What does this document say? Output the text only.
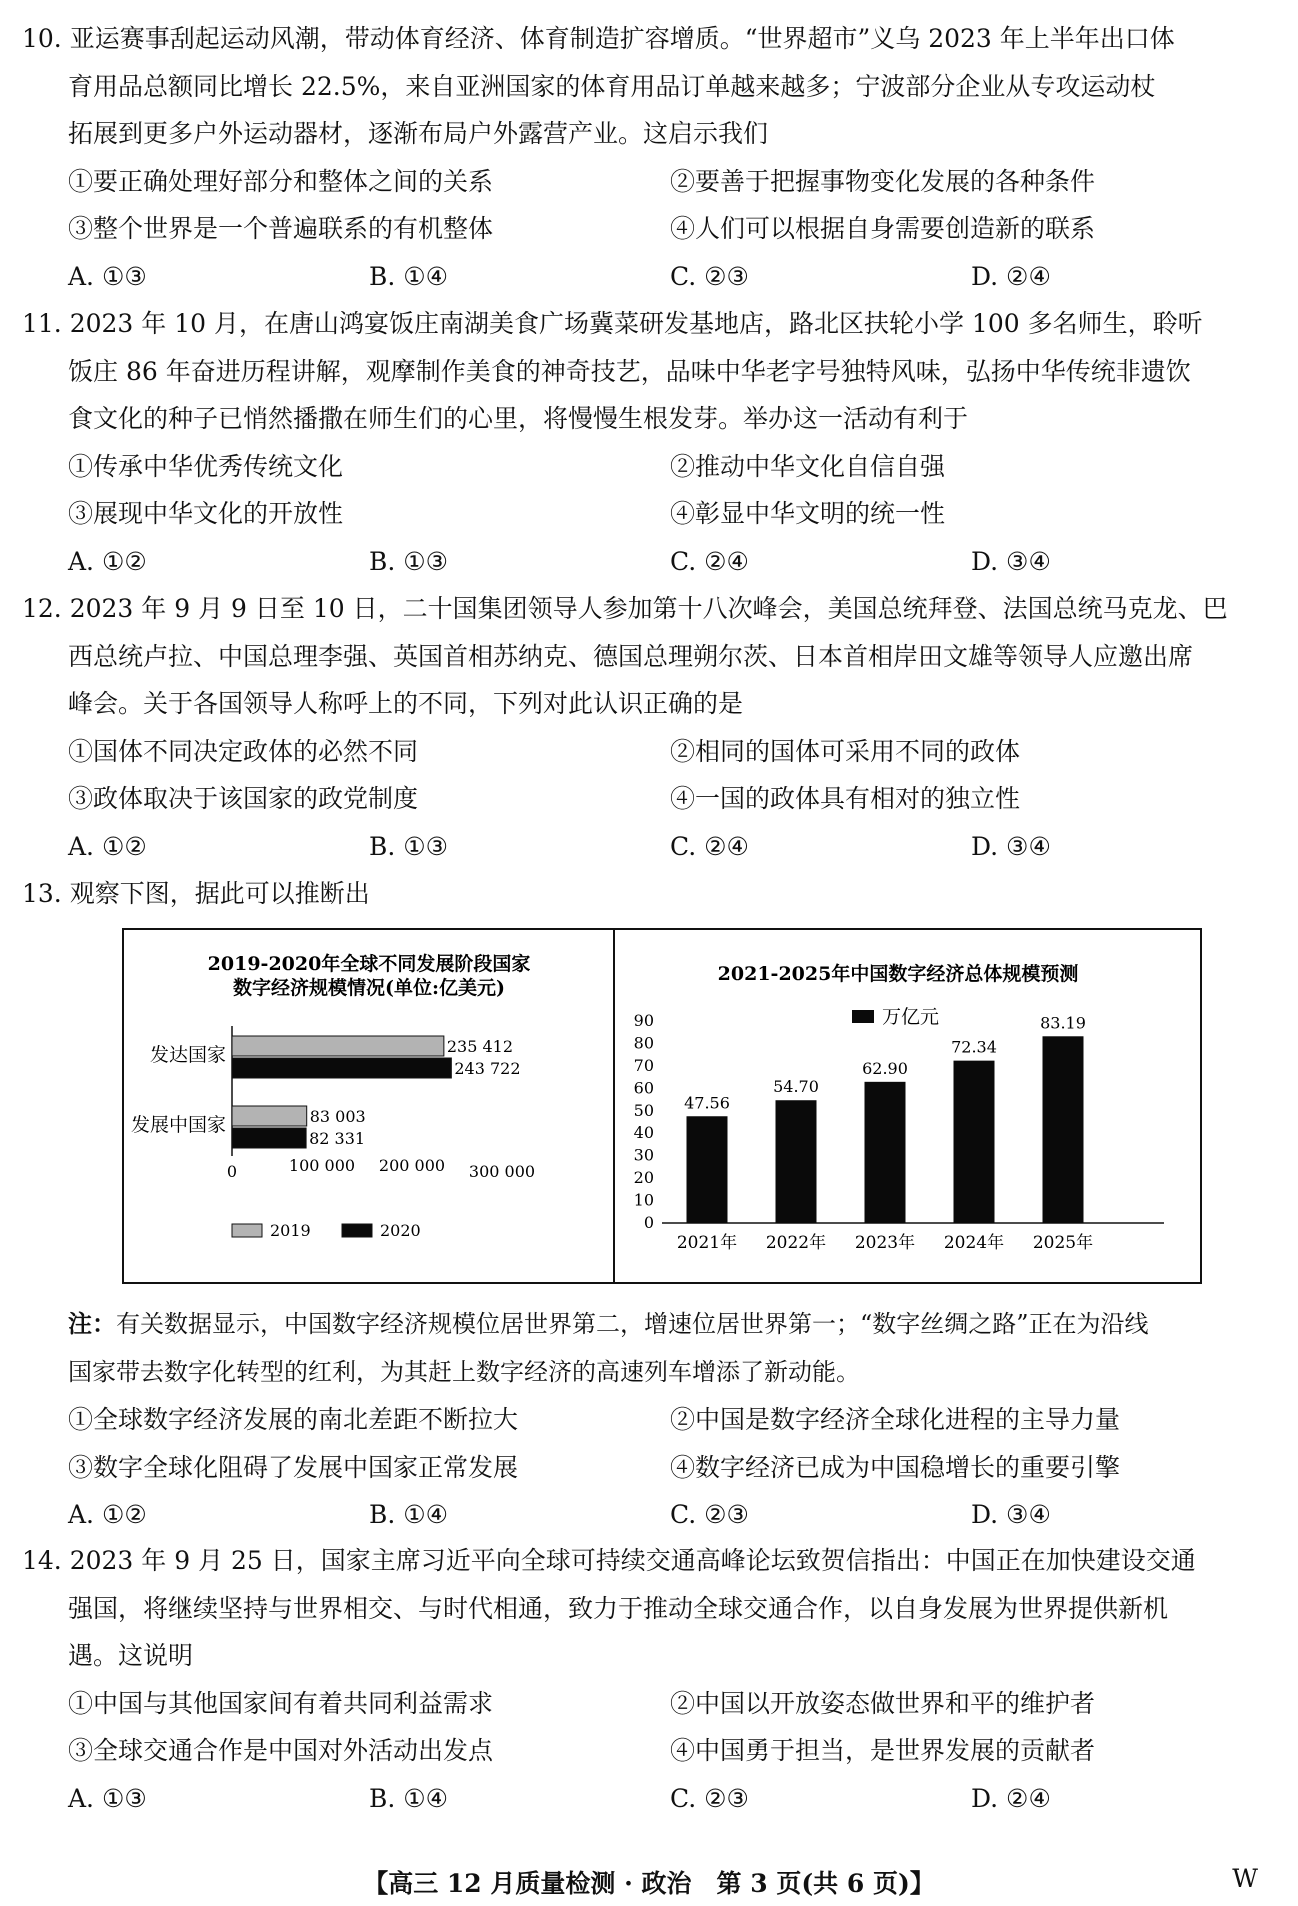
10. 亚运赛事刮起运动风潮，带动体育经济、体育制造扩容增质。“世界超市”义乌 2023 年上半年出口体
育用品总额同比增长 22.5%，来自亚洲国家的体育用品订单越来越多；宁波部分企业从专攻运动杖
拓展到更多户外运动器材，逐渐布局户外露营产业。这启示我们
①要正确处理好部分和整体之间的关系	②要善于把握事物变化发展的各种条件
③整个世界是一个普遍联系的有机整体	④人们可以根据自身需要创造新的联系
A. ①③	B. ①④	C. ②③	D. ②④
11. 2023 年 10 月，在唐山鸿宴饭庄南湖美食广场冀菜研发基地店，路北区扶轮小学 100 多名师生，聆听
饭庄 86 年奋进历程讲解，观摩制作美食的神奇技艺，品味中华老字号独特风味，弘扬中华传统非遗饮
食文化的种子已悄然播撒在师生们的心里，将慢慢生根发芽。举办这一活动有利于
①传承中华优秀传统文化	②推动中华文化自信自强
③展现中华文化的开放性	④彰显中华文明的统一性
A. ①②	B. ①③	C. ②④	D. ③④
12. 2023 年 9 月 9 日至 10 日，二十国集团领导人参加第十八次峰会，美国总统拜登、法国总统马克龙、巴
西总统卢拉、中国总理李强、英国首相苏纳克、德国总理朔尔茨、日本首相岸田文雄等领导人应邀出席
峰会。关于各国领导人称呼上的不同，下列对此认识正确的是
①国体不同决定政体的必然不同	②相同的国体可采用不同的政体
③政体取决于该国家的政党制度	④一国的政体具有相对的独立性
A. ①②	B. ①③	C. ②④	D. ③④
13. 观察下图，据此可以推断出
2019-2020年全球不同发展阶段国家
数字经济规模情况(单位:亿美元)
发达国家	235 412
243 722
发展中国家	83 003
82 331
0	100 000 200 000 300 000
2019	2020
2021-2025年中国数字经济总体规模预测
万亿元
0
10
20
30
40
50
60
70
80
90
47.56
2021年
54.70
2022年
62.90
2023年
72.34
2024年
83.19
2025年
注：有关数据显示，中国数字经济规模位居世界第二，增速位居世界第一；“数字丝绸之路”正在为沿线
国家带去数字化转型的红利，为其赶上数字经济的高速列车增添了新动能。
①全球数字经济发展的南北差距不断拉大	②中国是数字经济全球化进程的主导力量
③数字全球化阻碍了发展中国家正常发展	④数字经济已成为中国稳增长的重要引擎
A. ①②	B. ①④	C. ②③	D. ③④
14. 2023 年 9 月 25 日，国家主席习近平向全球可持续交通高峰论坛致贺信指出：中国正在加快建设交通
强国，将继续坚持与世界相交、与时代相通，致力于推动全球交通合作，以自身发展为世界提供新机
遇。这说明
①中国与其他国家间有着共同利益需求	②中国以开放姿态做世界和平的维护者
③全球交通合作是中国对外活动出发点	④中国勇于担当，是世界发展的贡献者
A. ①③	B. ①④	C. ②③	D. ②④
【高三 12 月质量检测 · 政治　第 3 页(共 6 页)】	W
